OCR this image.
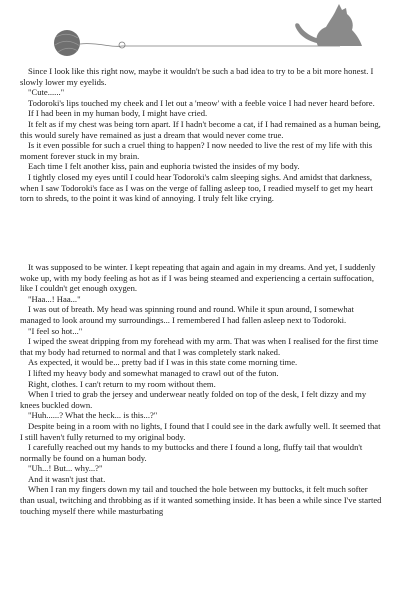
Since I look like this right now, maybe it wouldn't be such a bad idea to try to be a bit more honest. I slowly lower my eyelids.

"Cute......"

Todoroki's lips touched my cheek and I let out a 'meow' with a feeble voice I had never heard before.

If I had been in my human body, I might have cried.

It felt as if my chest was being torn apart. If I hadn't become a cat, if I had remained as a human being, this would surely have remained as just a dream that would never come true.

Is it even possible for such a cruel thing to happen? I now needed to live the rest of my life with this moment forever stuck in my brain.

Each time I felt another kiss, pain and euphoria twisted the insides of my body.

I tightly closed my eyes until I could hear Todoroki's calm sleeping sighs. And amidst that darkness, when I saw Todoroki's face as I was on the verge of falling asleep too, I readied myself to get my heart torn to shreds, to the point it was kind of annoying. I truly felt like crying.

It was supposed to be winter. I kept repeating that again and again in my dreams. And yet, I suddenly woke up, with my body feeling as hot as if I was being steamed and experiencing a certain suffocation, like I couldn't get enough oxygen.

"Haa...! Haa..."

I was out of breath. My head was spinning round and round. While it spun around, I somewhat managed to look around my surroundings... I remembered I had fallen asleep next to Todoroki.

"I feel so hot..."

I wiped the sweat dripping from my forehead with my arm. That was when I realised for the first time that my body had returned to normal and that I was completely stark naked.

As expected, it would be... pretty bad if I was in this state come morning time.

I lifted my heavy body and somewhat managed to crawl out of the futon.

Right, clothes. I can't return to my room without them.

When I tried to grab the jersey and underwear neatly folded on top of the desk, I felt dizzy and my knees buckled down.

"Huh......? What the heck... is this...?"

Despite being in a room with no lights, I found that I could see in the dark awfully well. It seemed that I still haven't fully returned to my original body.

I carefully reached out my hands to my buttocks and there I found a long, fluffy tail that wouldn't normally be found on a human body.

"Uh...! But... why...?"

And it wasn't just that.

When I ran my fingers down my tail and touched the hole between my buttocks, it felt much softer than usual, twitching and throbbing as if it wanted something inside. It has been a while since I've started touching myself there while masturbating
